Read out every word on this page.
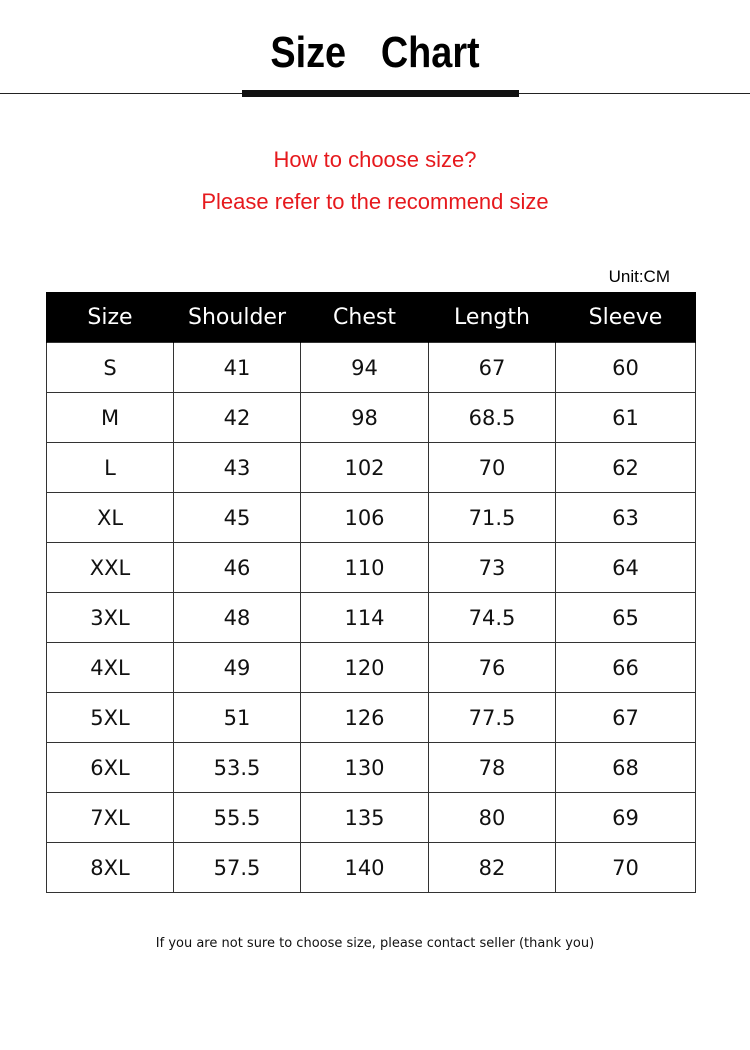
Size  Chart
How to choose size?
Please refer to the recommend size
Unit:CM
Size	Shoulder	Chest	Length	Sleeve
S	41	94	67	60
M	42	98	68.5	61
L	43	102	70	62
XL	45	106	71.5	63
XXL	46	110	73	64
3XL	48	114	74.5	65
4XL	49	120	76	66
5XL	51	126	77.5	67
6XL	53.5	130	78	68
7XL	55.5	135	80	69
8XL	57.5	140	82	70
If you are not sure to choose size, please contact seller (thank you)
